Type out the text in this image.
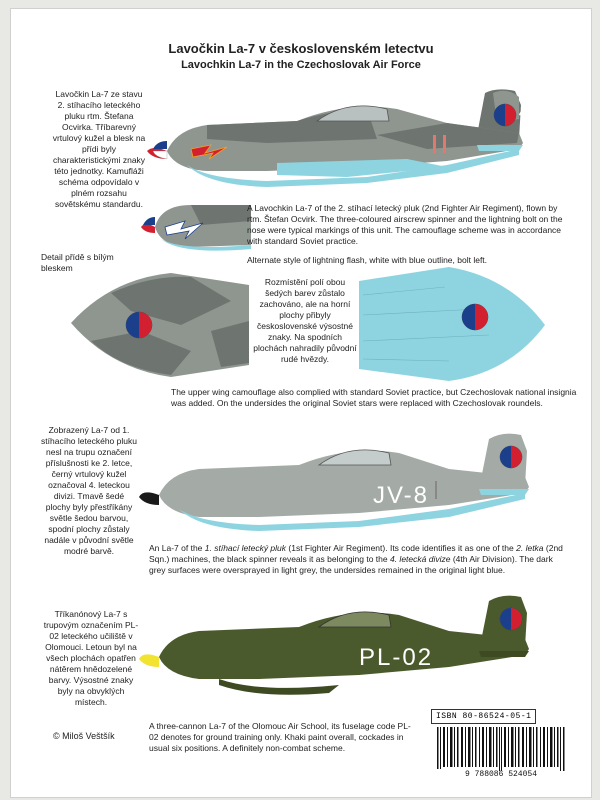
Lavočkin La-7 v československém letectvu
Lavochkin La-7 in the Czechoslovak Air Force
Lavočkin La-7 ze stavu 2. stíhacího leteckého pluku rtm. Štefana Ocvirka. Tříbarevný vrtulový kužel a blesk na přídi byly charakteristickými znaky této jednotky. Kamufláži schéma odpovídalo v plném rozsahu sovětskému standardu.
4
A Lavochkin La-7 of the 2. stíhací letecký pluk (2nd Fighter Air Regiment), flown by rtm. Štefan Ocvirk. The three-coloured airscrew spinner and the lightning bolt on the nose were typical markings of this unit. The camouflage scheme was in accordance with standard Soviet practice.
Alternate style of lightning flash, white with blue outline, bolt left.
Detail přídě s bílým bleskem
Rozmístění polí obou šedých barev zůstalo zachováno, ale na horní plochy přibyly československé výsostné znaky. Na spodních plochách nahradily původní rudé hvězdy.
The upper wing camouflage also complied with standard Soviet practice, but Czechoslovak national insignia was added. On the undersides the original Soviet stars were replaced with Czechoslovak roundels.
Zobrazený La-7 od 1. stíhacího leteckého pluku nesl na trupu označení příslušnosti ke 2. letce, černý vrtulový kužel označoval 4. leteckou divizi. Tmavě šedé plochy byly přestříkány světle šedou barvou, spodní plochy zůstaly nadále v původní světle modré barvě.
JV-8
An La-7 of the 1. stíhací letecký pluk (1st Fighter Air Regiment). Its code identifies it as one of the 2. letka (2nd Sqn.) machines, the black spinner reveals it as belonging to the 4. letecká divize (4th Air Division). The dark grey surfaces were oversprayed in light grey, the undersides remained in the original light blue.
Tříkanónový La-7 s trupovým označením PL-02 leteckého učiliště v Olomouci. Letoun byl na všech plochách opatřen nátěrem hnědozelené barvy. Výsostné znaky byly na obvyklých místech.
PL-02
A three-cannon La-7 of the Olomouc Air School, its fuselage code PL-02 denotes for ground training only. Khaki paint overall, cockades in usual six positions. A definitely non-combat scheme.
© Miloš Veštšík
ISBN 80-86524-05-1
9 788086 524054
